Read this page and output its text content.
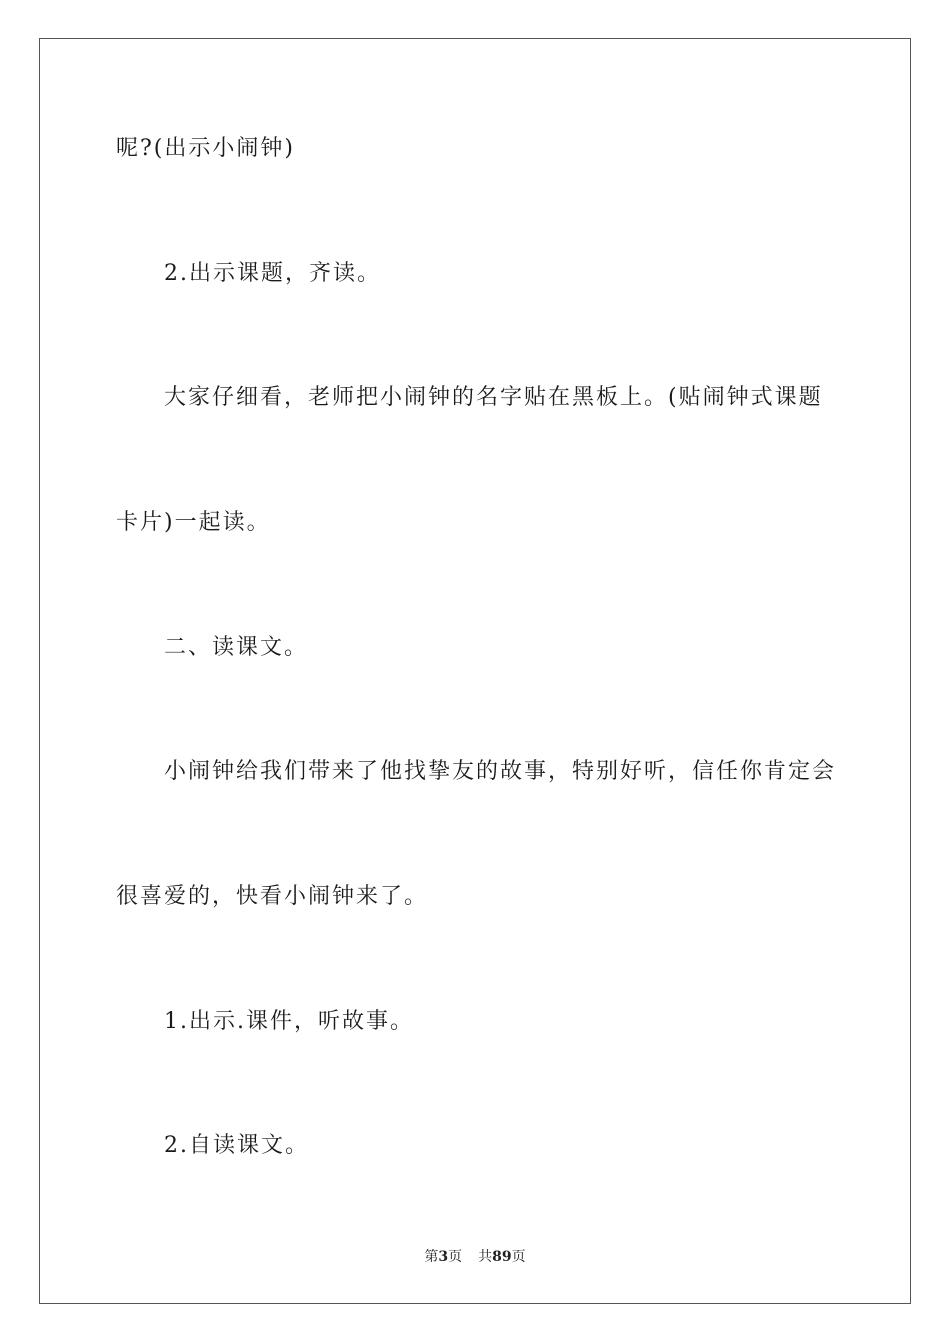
呢?(出示小闹钟)
2.出示课题，齐读。
大家仔细看，老师把小闹钟的名字贴在黑板上。(贴闹钟式课题
卡片)一起读。
二、读课文。
小闹钟给我们带来了他找挚友的故事，特别好听，信任你肯定会
很喜爱的，快看小闹钟来了。
1.出示.课件，听故事。
2.自读课文。
第3页 共89页
